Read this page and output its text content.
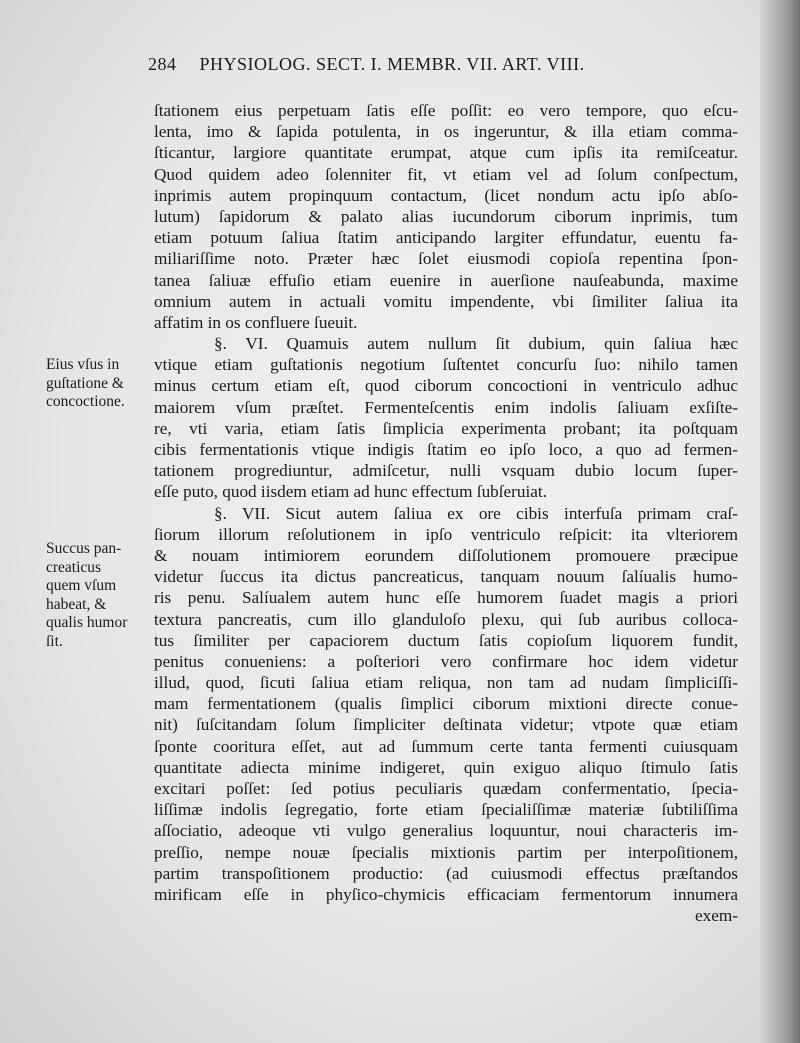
284 PHYSIOLOG. SECT. I. MEMBR. VII. ART. VIII.
Eius vſus in
guſtatione &
concoctione.
Succus pan-
creaticus
quem vſum
habeat, &
qualis humor
ſit.
ſtationem eius perpetuam ſatis eſſe poſſit: eo vero tempore, quo eſcu-
lenta, imo & ſapida potulenta, in os ingeruntur, & illa etiam comma-
ſticantur, largiore quantitate erumpat, atque cum ipſis ita remiſceatur.
Quod quidem adeo ſolenniter fit, vt etiam vel ad ſolum conſpectum,
inprimis autem propinquum contactum, (licet nondum actu ipſo abſo-
lutum) ſapidorum & palato alias iucundorum ciborum inprimis, tum
etiam potuum ſaliua ſtatim anticipando largiter effundatur, euentu fa-
miliariſſime noto. Præter hæc ſolet eiusmodi copioſa repentina ſpon-
tanea ſaliuæ effuſio etiam euenire in auerſione nauſeabunda, maxime
omnium autem in actuali vomitu impendente, vbi ſimiliter ſaliua ita
affatim in os confluere ſueuit.
§. VI. Quamuis autem nullum ſit dubium, quin ſaliua hæc
vtique etiam guſtationis negotium ſuſtentet concurſu ſuo: nihilo tamen
minus certum etiam eſt, quod ciborum concoctioni in ventriculo adhuc
maiorem vſum præſtet. Fermenteſcentis enim indolis ſaliuam exſiſte-
re, vti varia, etiam ſatis ſimplicia experimenta probant; ita poſtquam
cibis fermentationis vtique indigis ſtatim eo ipſo loco, a quo ad fermen-
tationem progrediuntur, admiſcetur, nulli vsquam dubio locum ſuper-
eſſe puto, quod iisdem etiam ad hunc effectum ſubſeruiat.
§. VII. Sicut autem ſaliua ex ore cibis interfuſa primam craſ-
ſiorum illorum reſolutionem in ipſo ventriculo reſpicit: ita vlteriorem
& nouam intimiorem eorundem diſſolutionem promouere præcipue
videtur ſuccus ita dictus pancreaticus, tanquam nouum ſalíualis humo-
ris penu. Salíualem autem hunc eſſe humorem ſuadet magis a priori
textura pancreatis, cum illo glanduloſo plexu, qui ſub auribus colloca-
tus ſimiliter per capaciorem ductum ſatis copioſum liquorem fundit,
penitus conueniens: a poſteriori vero confirmare hoc idem videtur
illud, quod, ſicuti ſaliua etiam reliqua, non tam ad nudam ſimpliciſſi-
mam fermentationem (qualis ſimplici ciborum mixtioni directe conue-
nit) ſuſcitandam ſolum ſimpliciter deſtinata videtur; vtpote quæ etiam
ſponte cooritura eſſet, aut ad ſummum certe tanta fermenti cuiusquam
quantitate adiecta minime indigeret, quin exiguo aliquo ſtimulo ſatis
excitari poſſet: ſed potius peculiaris quædam confermentatio, ſpecia-
liſſimæ indolis ſegregatio, forte etiam ſpecialiſſimæ materiæ ſubtiliſſima
aſſociatio, adeoque vti vulgo generalius loquuntur, noui characteris im-
preſſio, nempe nouæ ſpecialis mixtionis partim per interpoſitionem,
partim transpoſitionem productio: (ad cuiusmodi effectus præſtandos
mirificam eſſe in phyſico-chymicis efficaciam fermentorum innumera
exem-
